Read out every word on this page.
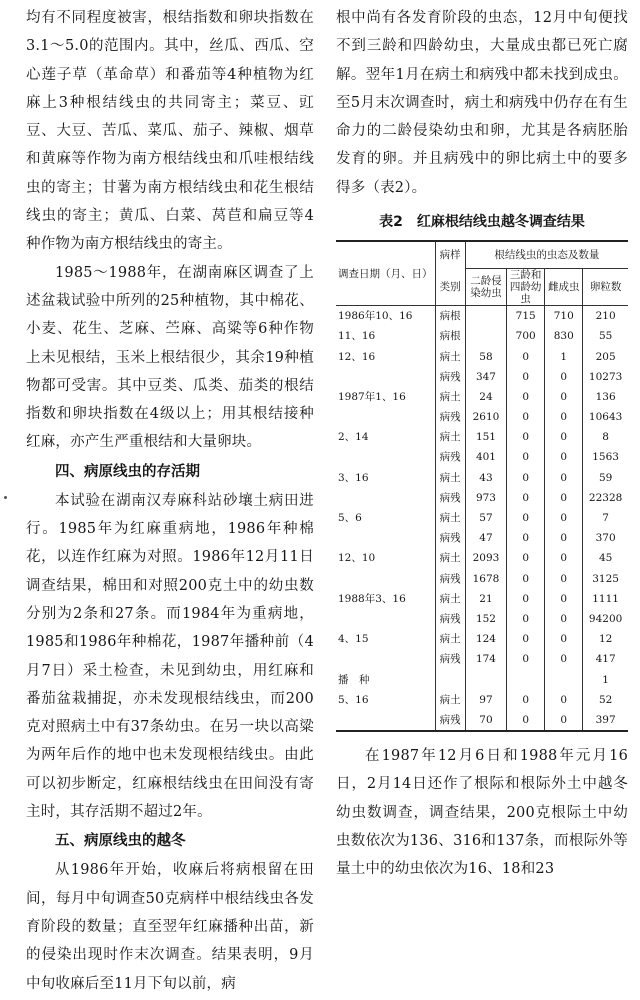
均有不同程度被害，根结指数和卵块指数在3.1～5.0的范围内。其中，丝瓜、西瓜、空心莲子草（革命草）和番茄等4种植物为红麻上3种根结线虫的共同寄主；菜豆、豇豆、大豆、苦瓜、菜瓜、茄子、辣椒、烟草和黄麻等作物为南方根结线虫和爪哇根结线虫的寄主；甘薯为南方根结线虫和花生根结线虫的寄主；黄瓜、白菜、莴苣和扁豆等4种作物为南方根结线虫的寄主。

1985～1988年，在湖南麻区调查了上述盆栽试验中所列的25种植物，其中棉花、小麦、花生、芝麻、苎麻、高粱等6种作物上未见根结，玉米上根结很少，其余19种植物都可受害。其中豆类、瓜类、茄类的根结指数和卵块指数在4级以上；用其根结接种红麻，亦产生严重根结和大量卵块。

四、病原线虫的存活期

本试验在湖南汉寿麻科站砂壤土病田进行。1985年为红麻重病地，1986年种棉花，以连作红麻为对照。1986年12月11日调查结果，棉田和对照200克土中的幼虫数分别为2条和27条。而1984年为重病地，1985和1986年种棉花，1987年播种前（4月7日）采土检查，未见到幼虫，用红麻和番茄盆栽捕捉，亦未发现根结线虫，而200克对照病土中有37条幼虫。在另一块以高粱为两年后作的地中也未发现根结线虫。由此可以初步断定，红麻根结线虫在田间没有寄主时，其存活期不超过2年。

五、病原线虫的越冬

从1986年开始，收麻后将病根留在田间，每月中旬调查50克病样中根结线虫各发育阶段的数量；直至翌年红麻播种出苗，新的侵染出现时作末次调查。结果表明，9月中旬收麻后至11月下旬以前，病

根中尚有各发育阶段的虫态，12月中旬便找不到三龄和四龄幼虫，大量成虫都已死亡腐解。翌年1月在病土和病残中都未找到成虫。至5月末次调查时，病土和病残中仍存在有生命力的二龄侵染幼虫和卵，尤其是各病胚胎发育的卵。并且病残中的卵比病土中的要多得多（表2）。

表2　红麻根结线虫越冬调查结果
调查日期（月、日）	病样	根结线虫的虫态及数量			
	类别	二龄侵染幼虫	三龄和四龄幼虫	雌成虫	卵粒数
1986年10、16	病根		715	710	210
11、16	病根		700	830	55
12、16	病土	58	0	1	205
	病残	347	0	0	10273
1987年1、16	病土	24	0	0	136
	病残	2610	0	0	10643
2、14	病土	151	0	0	8
	病残	401	0	0	1563
3、16	病土	43	0	0	59
	病残	973	0	0	22328
5、6	病土	57	0	0	7
	病残	47	0	0	370
12、10	病土	2093	0	0	45
	病残	1678	0	0	3125
1988年3、16	病土	21	0	0	1111
	病残	152	0	0	94200
4、15	病土	124	0	0	12
	病残	174	0	0	417
播　种					1
5、16	病土	97	0	0	52
	病残	70	0	0	397

在1987年12月6日和1988年元月16日，2月14日还作了根际和根际外土中越冬幼虫数调查，调查结果，200克根际土中幼虫数依次为136、316和137条，而根际外等量土中的幼虫依次为16、18和23
